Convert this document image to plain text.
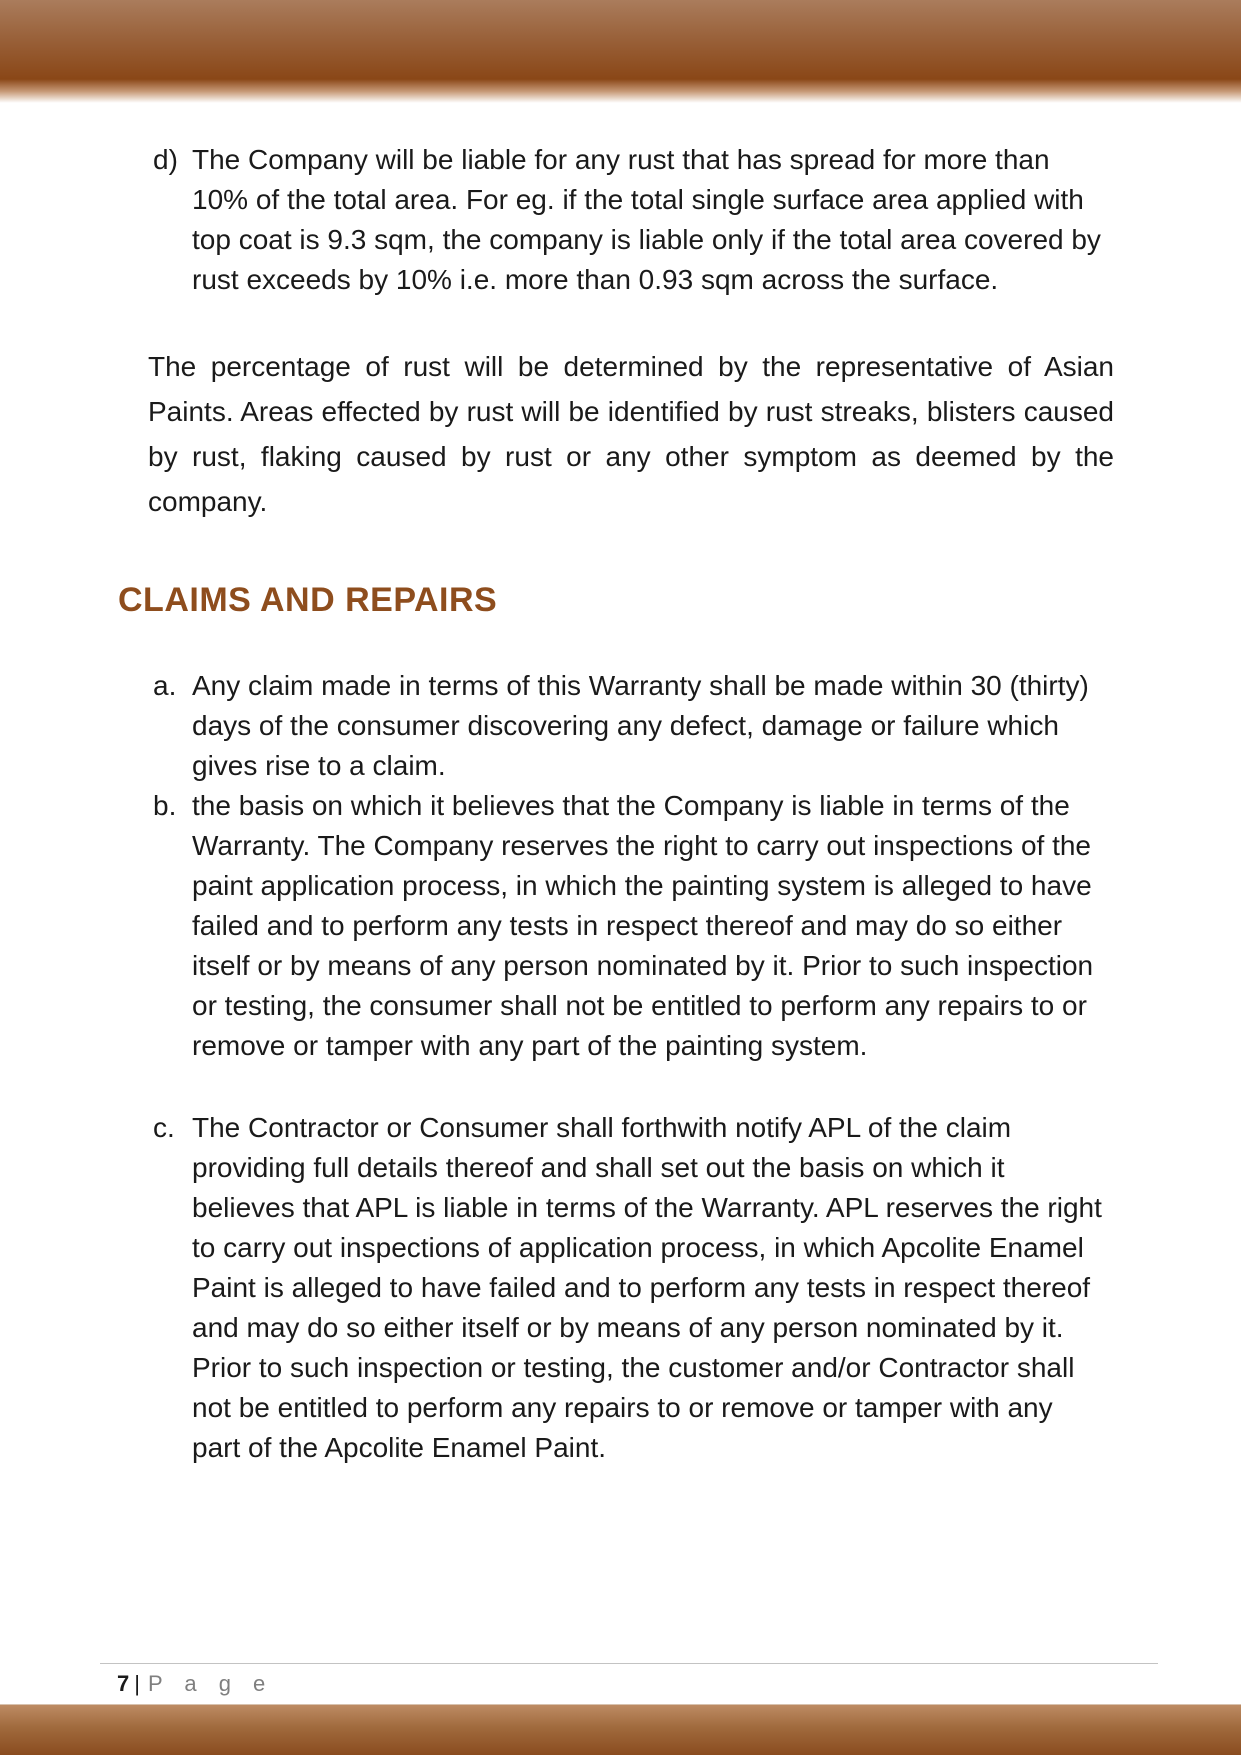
d) The Company will be liable for any rust that has spread for more than 10% of the total area. For eg. if the total single surface area applied with top coat is 9.3 sqm, the company is liable only if the total area covered by rust exceeds by 10% i.e. more than 0.93 sqm across the surface.
The percentage of rust will be determined by the representative of Asian Paints. Areas effected by rust will be identified by rust streaks, blisters caused by rust, flaking caused by rust or any other symptom as deemed by the company.
CLAIMS AND REPAIRS
a. Any claim made in terms of this Warranty shall be made within 30 (thirty) days of the consumer discovering any defect, damage or failure which gives rise to a claim.
b. the basis on which it believes that the Company is liable in terms of the Warranty. The Company reserves the right to carry out inspections of the paint application process, in which the painting system is alleged to have failed and to perform any tests in respect thereof and may do so either itself or by means of any person nominated by it. Prior to such inspection or testing, the consumer shall not be entitled to perform any repairs to or remove or tamper with any part of the painting system.
c. The Contractor or Consumer shall forthwith notify APL of the claim providing full details thereof and shall set out the basis on which it believes that APL is liable in terms of the Warranty. APL reserves the right to carry out inspections of application process, in which Apcolite Enamel Paint is alleged to have failed and to perform any tests in respect thereof and may do so either itself or by means of any person nominated by it. Prior to such inspection or testing, the customer and/or Contractor shall not be entitled to perform any repairs to or remove or tamper with any part of the Apcolite Enamel Paint.
7 | P a g e
